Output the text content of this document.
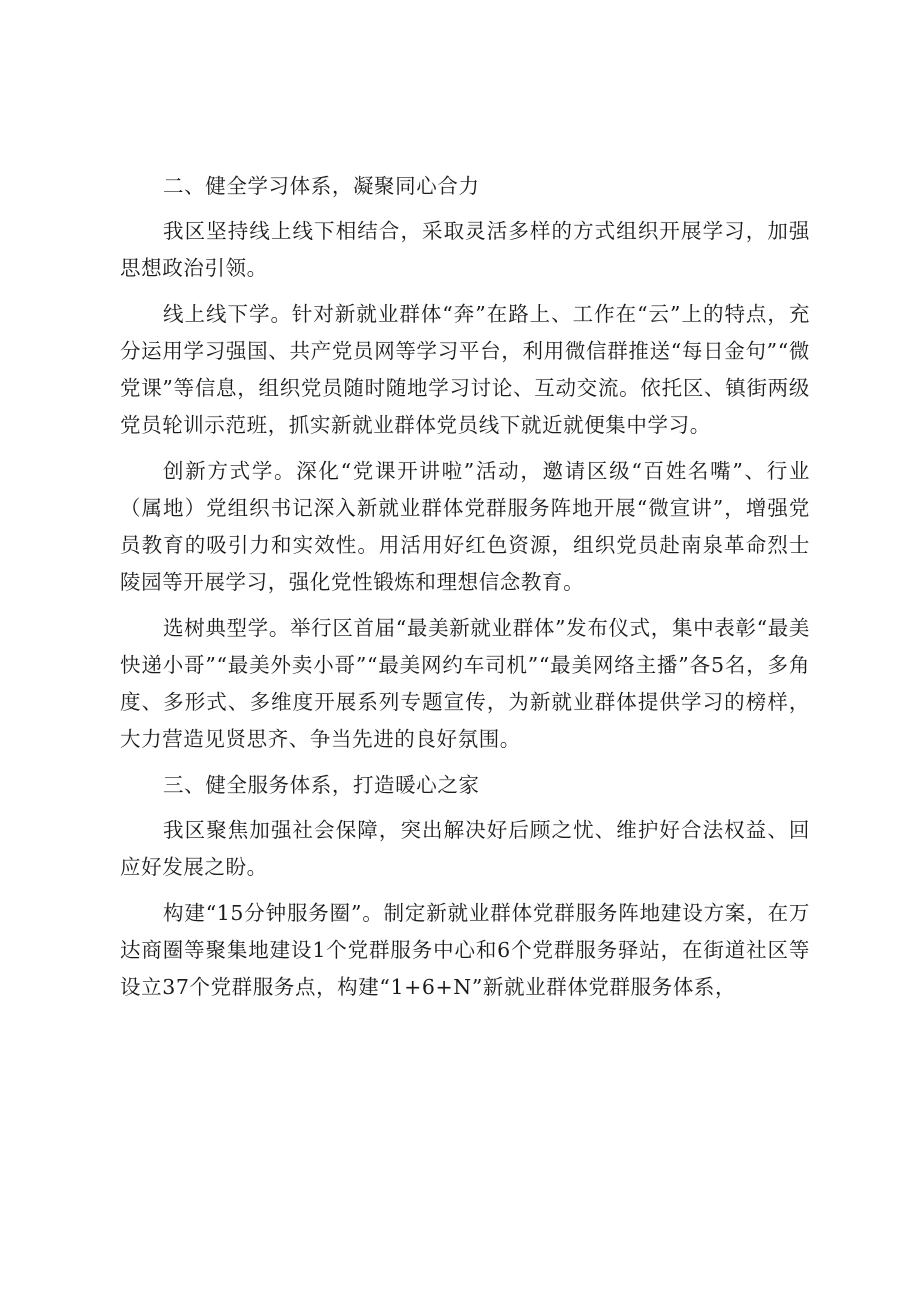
二、健全学习体系，凝聚同心合力

我区坚持线上线下相结合，采取灵活多样的方式组织开展学习，加强思想政治引领。

线上线下学。针对新就业群体“奔”在路上、工作在“云”上的特点，充分运用学习强国、共产党员网等学习平台，利用微信群推送“每日金句”“微党课”等信息，组织党员随时随地学习讨论、互动交流。依托区、镇街两级党员轮训示范班，抓实新就业群体党员线下就近就便集中学习。

创新方式学。深化“党课开讲啦”活动，邀请区级“百姓名嘴”、行业（属地）党组织书记深入新就业群体党群服务阵地开展“微宣讲”，增强党员教育的吸引力和实效性。用活用好红色资源，组织党员赴南泉革命烈士陵园等开展学习，强化党性锻炼和理想信念教育。

选树典型学。举行区首届“最美新就业群体”发布仪式，集中表彰“最美快递小哥”“最美外卖小哥”“最美网约车司机”“最美网络主播”各5名，多角度、多形式、多维度开展系列专题宣传，为新就业群体提供学习的榜样，大力营造见贤思齐、争当先进的良好氛围。

三、健全服务体系，打造暖心之家

我区聚焦加强社会保障，突出解决好后顾之忧、维护好合法权益、回应好发展之盼。

构建“15分钟服务圈”。制定新就业群体党群服务阵地建设方案，在万达商圈等聚集地建设1个党群服务中心和6个党群服务驿站，在街道社区等设立37个党群服务点，构建“1+6+N”新就业群体党群服务体系，
